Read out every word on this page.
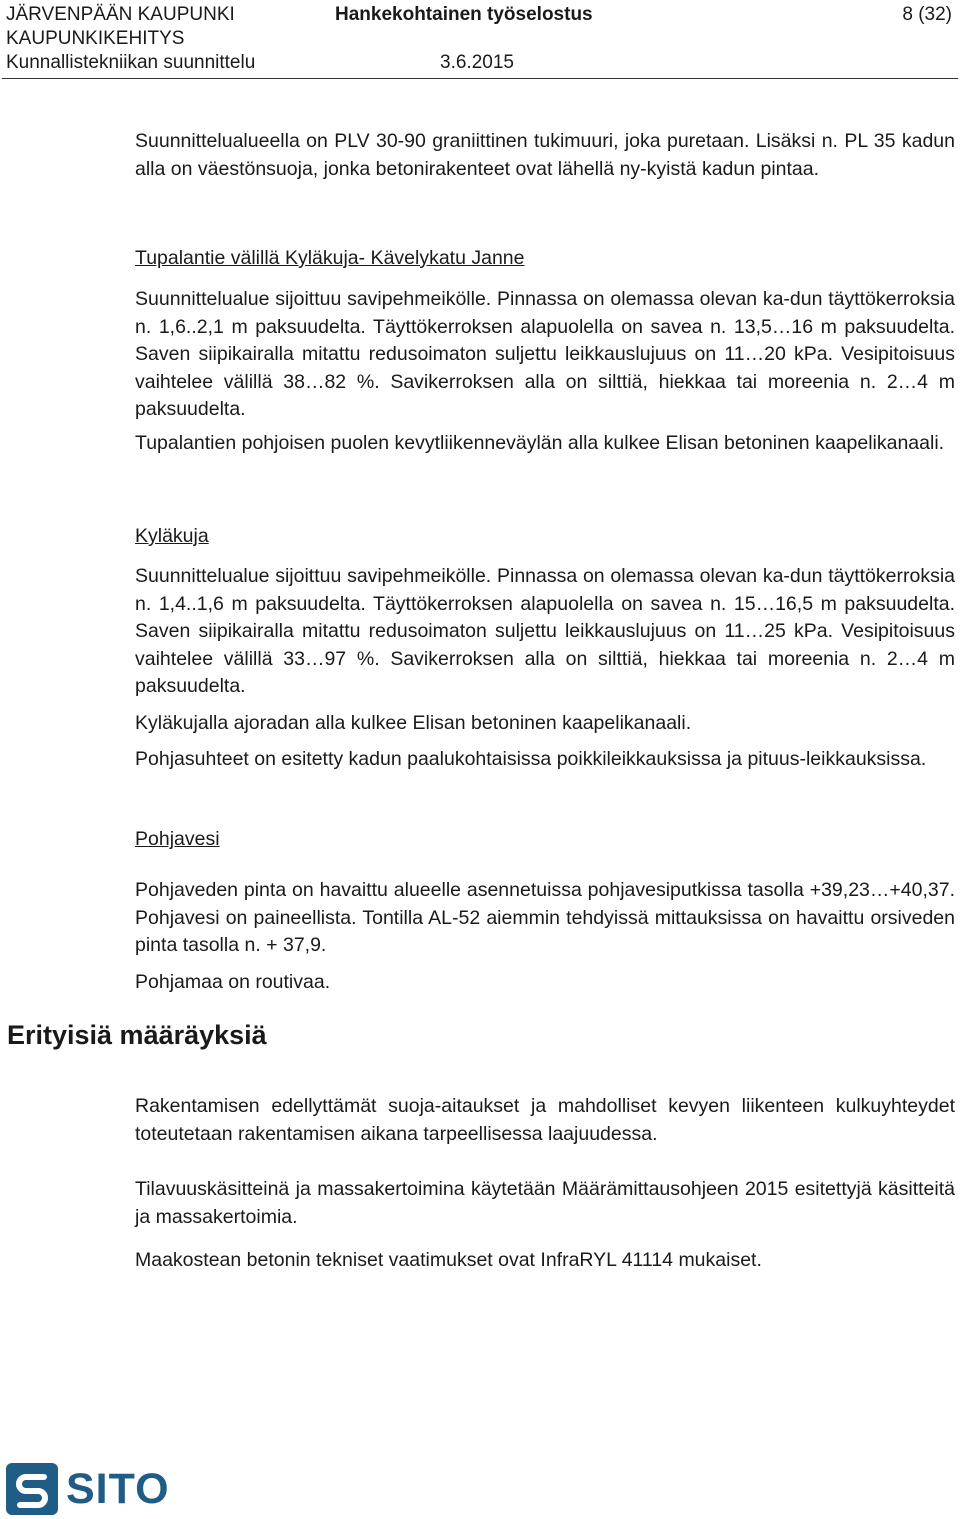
JÄRVENPÄÄN KAUPUNKI
KAUPUNKIKEHITYS
Kunnallistekniikan suunnittelu
Hankekohtainen työselostus
3.6.2015
8 (32)

Suunnittelualueella on PLV 30-90 graniittinen tukimuuri, joka puretaan. Lisäksi n. PL 35 kadun alla on väestönsuoja, jonka betonirakenteet ovat lähellä ny-kyistä kadun pintaa.

Tupalantie välillä Kyläkuja- Kävelykatu Janne

Suunnittelualue sijoittuu savipehmeikölle. Pinnassa on olemassa olevan ka-dun täyttökerroksia n. 1,6..2,1 m paksuudelta. Täyttökerroksen alapuolella on savea n. 13,5…16 m paksuudelta. Saven siipikairalla mitattu redusoimaton suljettu leikkauslujuus on 11…20 kPa. Vesipitoisuus vaihtelee välillä 38…82 %. Savikerroksen alla on silttiä, hiekkaa tai moreenia n. 2…4 m paksuudelta.

Tupalantien pohjoisen puolen kevytliikenneväylän alla kulkee Elisan betoninen kaapelikanaali.

Kyläkuja

Suunnittelualue sijoittuu savipehmeikölle. Pinnassa on olemassa olevan ka-dun täyttökerroksia n. 1,4..1,6 m paksuudelta. Täyttökerroksen alapuolella on savea n. 15…16,5 m paksuudelta. Saven siipikairalla mitattu redusoimaton suljettu leikkauslujuus on 11…25 kPa. Vesipitoisuus vaihtelee välillä 33…97 %. Savikerroksen alla on silttiä, hiekkaa tai moreenia n. 2…4 m paksuudelta.

Kyläkujalla ajoradan alla kulkee Elisan betoninen kaapelikanaali.

Pohjasuhteet on esitetty kadun paalukohtaisissa poikkileikkauksissa ja pituus-leikkauksissa.

Pohjavesi

Pohjaveden pinta on havaittu alueelle asennetuissa pohjavesiputkissa tasolla +39,23…+40,37. Pohjavesi on paineellista. Tontilla AL-52 aiemmin tehdyissä mittauksissa on havaittu orsiveden pinta tasolla n. + 37,9.

Pohjamaa on routivaa.

Erityisiä määräyksiä

Rakentamisen edellyttämät suoja-aitaukset ja mahdolliset kevyen liikenteen kulkuyhteydet toteutetaan rakentamisen aikana tarpeellisessa laajuudessa.

Tilavuuskäsitteinä ja massakertoimina käytetään Määrämittausohjeen 2015 esitettyjä käsitteitä ja massakertoimia.

Maakostean betonin tekniset vaatimukset ovat InfraRYL 41114 mukaiset.

SITO
